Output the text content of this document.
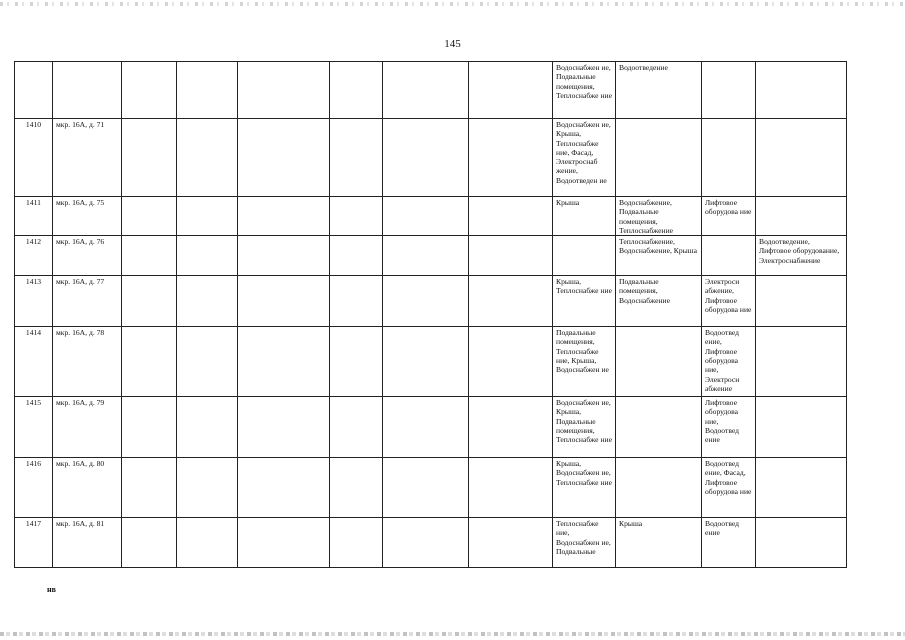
145
								Водоснабжен ие, Подвальные помещения, Теплоснабже ние	Водоотведение		
1410	мкр. 16А, д. 71							Водоснабжен ие, Крыша, Теплоснабже ние, Фасад, Электроснаб жение, Водоотведен ие			
1411	мкр. 16А, д. 75							Крыша	Водоснабжение, Подвальные помещения, Теплоснабжение	Лифтовое оборудова ние	
1412	мкр. 16А, д. 76								Теплоснабжение, Водоснабжение, Крыша		Водоотведение, Лифтовое оборудование, Электроснабжение
1413	мкр. 16А, д. 77							Крыша, Теплоснабже ние	Подвальные помещения, Водоснабжение	Электроси абжение, Лифтовое оборудова ние	
1414	мкр. 16А, д. 78							Подвальные помещения, Теплоснабже ние, Крыша, Водоснабжен ие		Водоотвед ение, Лифтовое оборудова ние, Электроси абжение	
1415	мкр. 16А, д. 79							Водоснабжен ие, Крыша, Подвальные помещения, Теплоснабже ние		Лифтовое оборудова ние, Водоотвед ение	
1416	мкр. 16А, д. 80							Крыша, Водоснабжен ие, Теплоснабже ние		Водоотвед ение, Фасад, Лифтовое оборудова ние	
1417	мкр. 16А, д. 81							Теплоснабже ние, Водоснабжен ие, Подвальные	Крыша	Водоотвед ение	
нв
